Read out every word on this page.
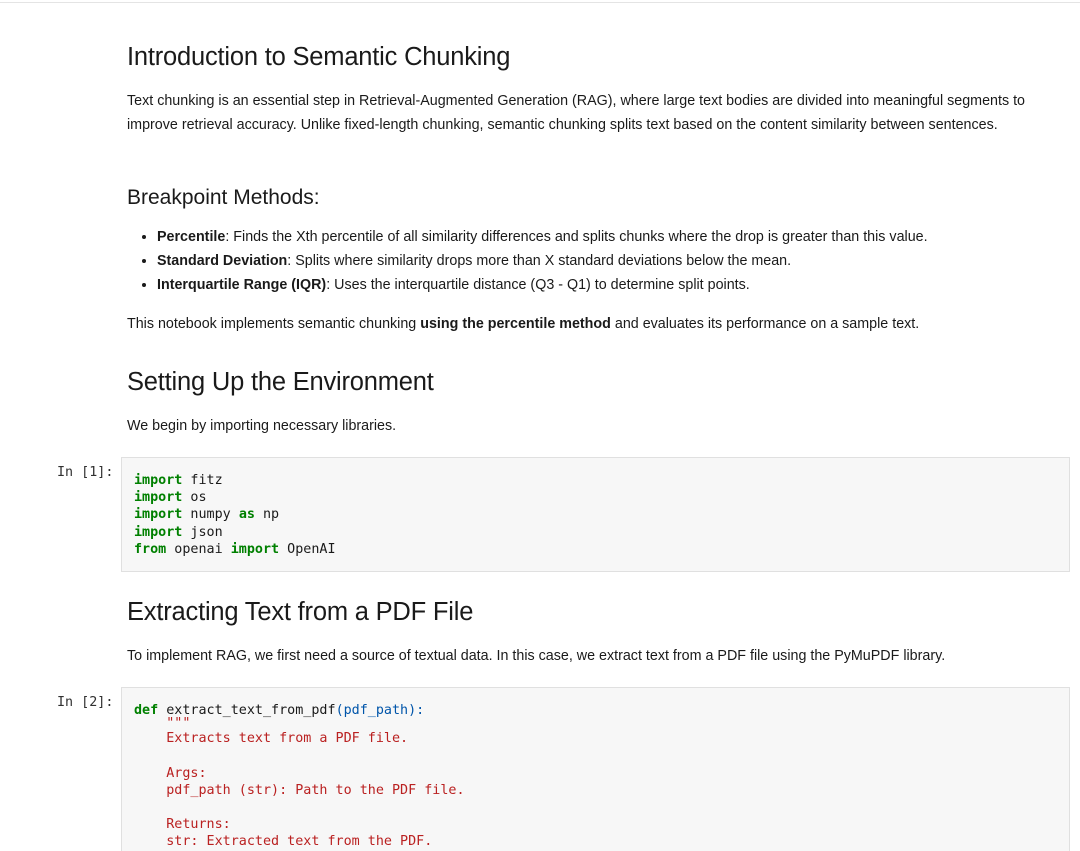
Introduction to Semantic Chunking

Text chunking is an essential step in Retrieval-Augmented Generation (RAG), where large text bodies are divided into meaningful segments to improve retrieval accuracy. Unlike fixed-length chunking, semantic chunking splits text based on the content similarity between sentences.

Breakpoint Methods:
• Percentile: Finds the Xth percentile of all similarity differences and splits chunks where the drop is greater than this value.
• Standard Deviation: Splits where similarity drops more than X standard deviations below the mean.
• Interquartile Range (IQR): Uses the interquartile distance (Q3 - Q1) to determine split points.

This notebook implements semantic chunking using the percentile method and evaluates its performance on a sample text.

Setting Up the Environment

We begin by importing necessary libraries.

In [1]:
import fitz
import os
import numpy as np
import json
from openai import OpenAI
Extracting Text from a PDF File

To implement RAG, we first need a source of textual data. In this case, we extract text from a PDF file using the PyMuPDF library.

In [2]:
def extract_text_from_pdf(pdf_path):
"""
Extracts text from a PDF file.

Args:
pdf_path (str): Path to the PDF file.

Returns:
str: Extracted text from the PDF.
